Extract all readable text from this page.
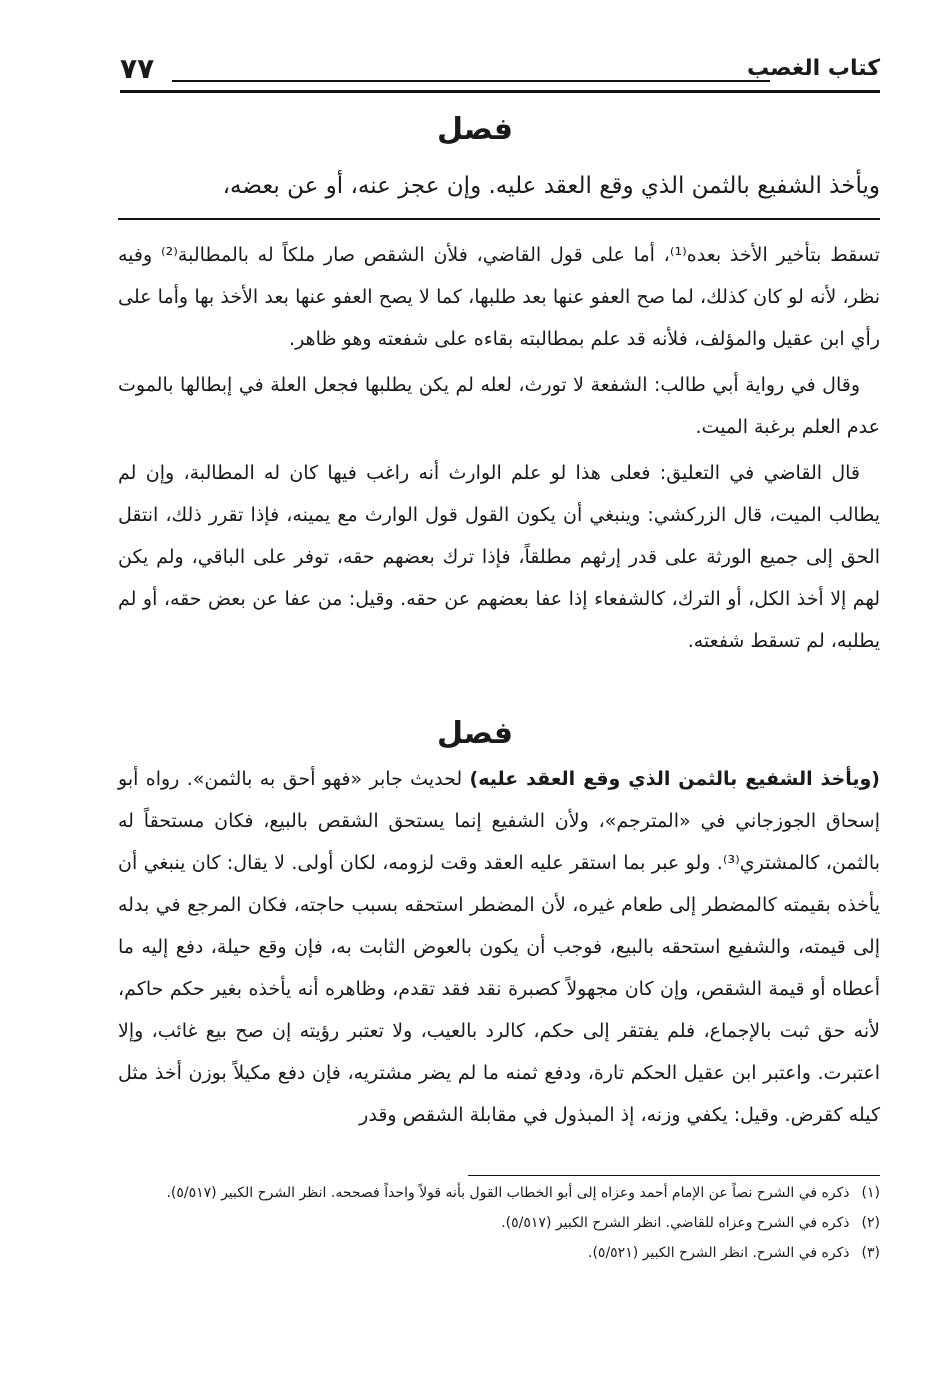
كتاب الغصب
٧٧
فصل
ويأخذ الشفيع بالثمن الذي وقع العقد عليه. وإن عجز عنه، أو عن بعضه،

تسقط بتأخير الأخذ بعده⁽¹⁾، أما على قول القاضي، فلأن الشقص صار ملكاً له بالمطالبة⁽²⁾ وفيه نظر، لأنه لو كان كذلك، لما صح العفو عنها بعد طلبها، كما لا يصح العفو عنها بعد الأخذ بها وأما على رأي ابن عقيل والمؤلف، فلأنه قد علم بمطالبته بقاءه على شفعته وهو ظاهر.

وقال في رواية أبي طالب: الشفعة لا تورث، لعله لم يكن يطلبها فجعل العلة في إبطالها بالموت عدم العلم برغبة الميت.

قال القاضي في التعليق: فعلى هذا لو علم الوارث أنه راغب فيها كان له المطالبة، وإن لم يطالب الميت، قال الزركشي: وينبغي أن يكون القول قول الوارث مع يمينه، فإذا تقرر ذلك، انتقل الحق إلى جميع الورثة على قدر إرثهم مطلقاً، فإذا ترك بعضهم حقه، توفر على الباقي، ولم يكن لهم إلا أخذ الكل، أو الترك، كالشفعاء إذا عفا بعضهم عن حقه. وقيل: من عفا عن بعض حقه، أو لم يطلبه، لم تسقط شفعته.

فصل

(ويأخذ الشفيع بالثمن الذي وقع العقد عليه) لحديث جابر «فهو أحق به بالثمن». رواه أبو إسحاق الجوزجاني في «المترجم»، ولأن الشفيع إنما يستحق الشقص بالبيع، فكان مستحقاً له بالثمن، كالمشتري⁽³⁾. ولو عبر بما استقر عليه العقد وقت لزومه، لكان أولى. لا يقال: كان ينبغي أن يأخذه بقيمته كالمضطر إلى طعام غيره، لأن المضطر استحقه بسبب حاجته، فكان المرجع في بدله إلى قيمته، والشفيع استحقه بالبيع، فوجب أن يكون بالعوض الثابت به، فإن وقع حيلة، دفع إليه ما أعطاه أو قيمة الشقص، وإن كان مجهولاً كصبرة نقد فقد تقدم، وظاهره أنه يأخذه بغير حكم حاكم، لأنه حق ثبت بالإجماع، فلم يفتقر إلى حكم، كالرد بالعيب، ولا تعتبر رؤيته إن صح بيع غائب، وإلا اعتبرت. واعتبر ابن عقيل الحكم تارة، ودفع ثمنه ما لم يضر مشتريه، فإن دفع مكيلاً بوزن أخذ مثل كيله كقرض. وقيل: يكفي وزنه، إذ المبذول في مقابلة الشقص وقدر

(١)ذكره في الشرح نصاً عن الإمام أحمد وعزاه إلى أبو الخطاب القول بأنه قولاً واحداً فصححه. انظر الشرح الكبير (٥/٥١٧).
(٢)ذكره في الشرح وعزاه للقاضي. انظر الشرح الكبير (٥/٥١٧).
(٣)ذكره في الشرح. انظر الشرح الكبير (٥/٥٢١).
